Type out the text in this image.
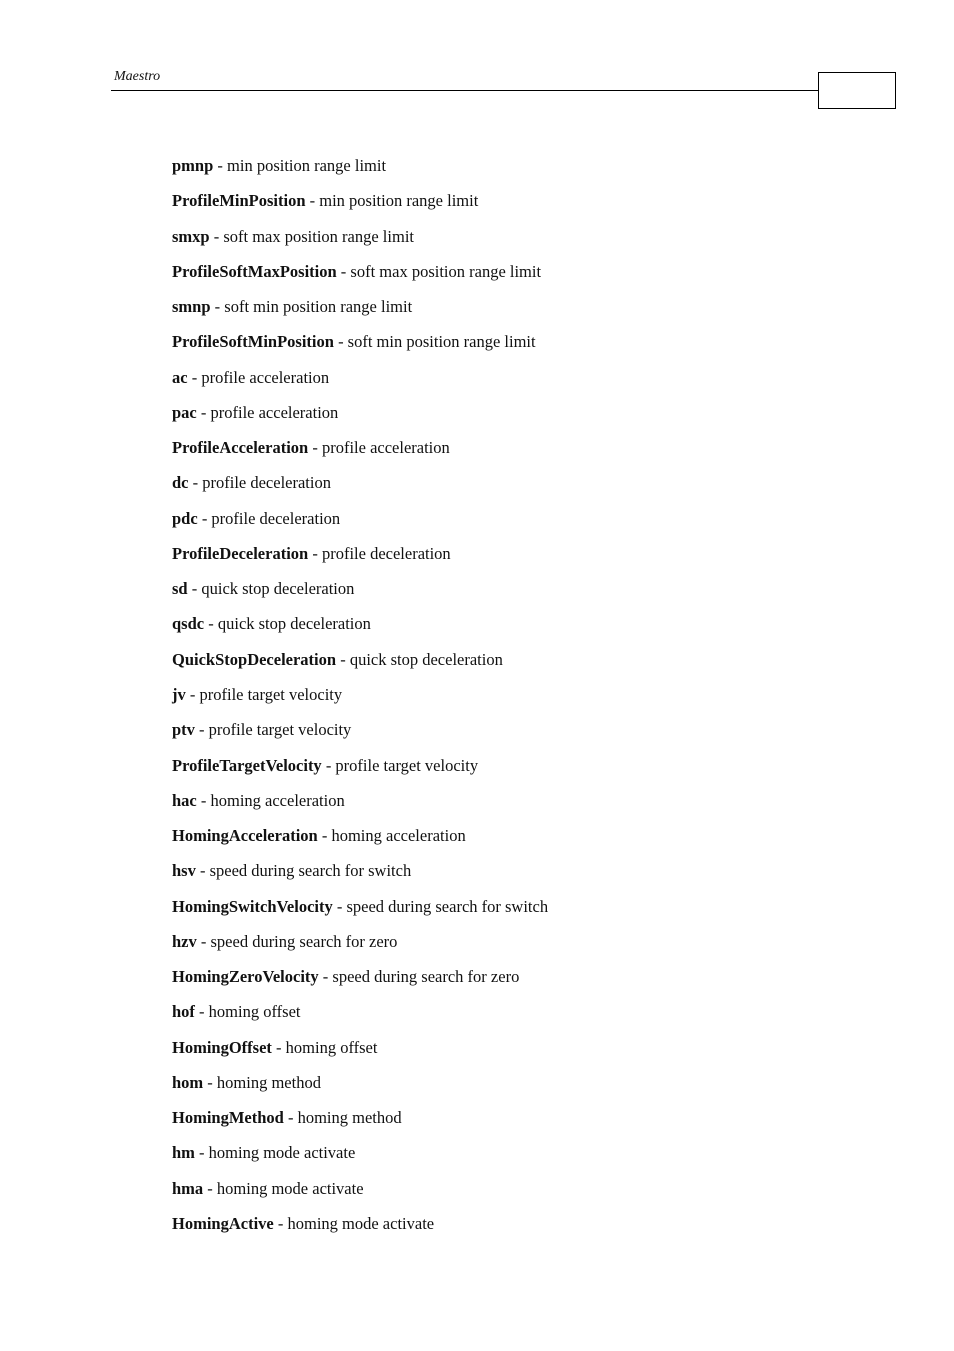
Maestro
pmnp - min position range limit
ProfileMinPosition - min position range limit
smxp - soft max position range limit
ProfileSoftMaxPosition - soft max position range limit
smnp - soft min position range limit
ProfileSoftMinPosition - soft min position range limit
ac - profile acceleration
pac - profile acceleration
ProfileAcceleration - profile acceleration
dc - profile deceleration
pdc - profile deceleration
ProfileDeceleration - profile deceleration
sd - quick stop deceleration
qsdc - quick stop deceleration
QuickStopDeceleration - quick stop deceleration
jv - profile target velocity
ptv - profile target velocity
ProfileTargetVelocity - profile target velocity
hac - homing acceleration
HomingAcceleration - homing acceleration
hsv - speed during search for switch
HomingSwitchVelocity - speed during search for switch
hzv - speed during search for zero
HomingZeroVelocity - speed during search for zero
hof - homing offset
HomingOffset - homing offset
hom - homing method
HomingMethod - homing method
hm - homing mode activate
hma - homing mode activate
HomingActive - homing mode activate
